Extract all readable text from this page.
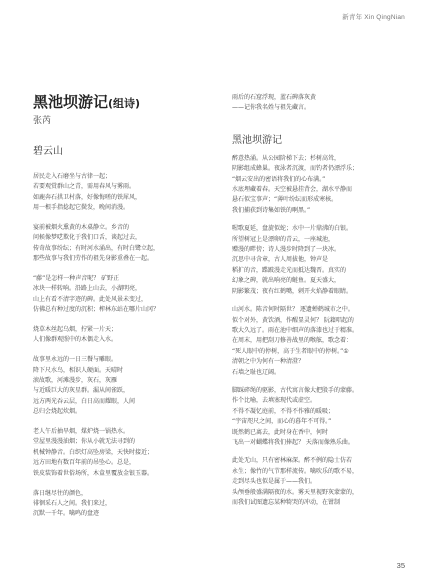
新青年 Xin QingNian
黑池坝游记(组诗)
张芮
碧云山

居民走入石磨坐与古律一起；
若要观赏群山之青，需用春风与雾雨。
如鹿奔石拱卫村落，好像悔嗟的铁犀风，
用一根手指捻起它鬓发，晚间消漫。

宴前被烟火熏黄的木桌静立。乡音的
问候像梦呓欺化于我们口舌，谈起过去，
传奇故事纷纭；有时河水涌出，有时白鹭立起，
那些故事与我们劳作的祖先身影重叠在一起。

“藤”是怎样一种声音呢？ 矿野正
冰块一样转响。沿路上山去，小湖明亮，
山上有看不清字迹的碑。此处风景未变过，
仿佛总有种过度的沉积；榨林东站在哪片山冈？

烧草木丝起乌烟，拧紧一片天；
人们像群观照中的木偶走入水。

故事里永远的一日三餐与雕眼。
降下尺水鸟，相识人硬面。天晴时
滚故歌，河滩漫步，灰石，灰雁
与近暖巨大的灰星群。漏从间雀跃，
远方两光吞云层，白日高而耀眼，人间
总归会烧起炊烟。

老人午后抽旱烟，煤炉烧一锅热水。
堂屋里漫漫油烟；你从小就无法寻到的
机械钟静音。白织灯高坠房梁，天快时接近；
远方田地有数百年前的吊坠心。总是，
铁皮装饰着世俗场所，木盒里覆放金银玉器。

落日继尽往的颜色，
徘徊采石人之间。我们来过，
沉默一千年。噙鸣的盘迹

雨后的石窟浮现，蓝石碑落灰黄
——记你我名姓与祖先藏言。

黑池坝游记

醉意热涌。从公园阶梯下去；杉树高耸，
阴影组成蜂巢。夜泳者沉渡，而钓者仍漂浮乐；
“烟云安出的密语将我们的心布满。”
水底埋藏着春。天空被悬挂背会，湖水平静而
悬石似宝事声；“薄叶纷纭而形成寒核。
我们捕获到诗集如铁的啊黑。”

喔歌夏延，盘旋似蛇；水中一片鼎沸的白银。
所望树冠上是漂卵的青云，一座城池，
赠漫的畔傍；诗人漫步时降到了一块冰。
沉思中寻含章，古人周拔他，钟声是
稻扩的音，蹀跛漫走光而抵达魏晋。真实的
幻象之碑，就出响亮的鲢鱼。夏天盛大，
阴影繁茂；夜有红鹤嘴，刺开火焰静着眼睛。

山河水。陈音何时隔世？ 逐遗蝉鹤城市之中。
似个对外，黄饮酒，作醒显灵何？ 阮籍唱起的
歌大久远了。雨在池中细声的落漆也过于精准。
在周末，用把刮刀修善战里的喉舷，歌念着：
“死人眼中的停树，高于生者眼中的停树。”①
清朝之中为何有一种清澄？
石墙之耻也辽阔。

脚踩碎绳的驱影，古代寓言像大把殷手的蒙藤。
作个比喻，去填塞现代或虚空。
不得不凝忆庭前，不得不作雅的暖吸；
“宇宙咫尺之间，而心的暮年不可得。”
既然鹤已离去，此时身在香中，何时
飞出一对蝴蝶将我们捧起？ 天落而像熟乐曲。

此处无山，只有密林麻深。醉不例的隐士仿若
永生；像竹的气节那样流传。噙吹乐的歌不易，
走到尽头也似是属于——我们。
头颅垂般盛满隔夜的水。雾天里视野灰蒙蒙的，
而我们试图遗忘某种犄哭的冲动，在钳制

35
